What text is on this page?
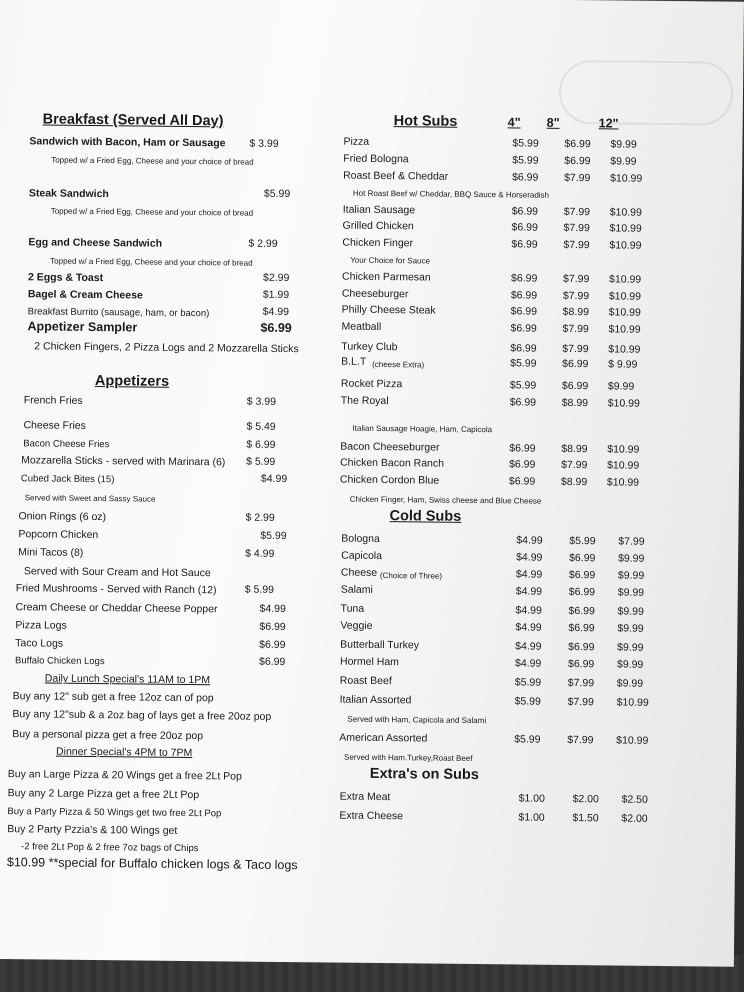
Breakfast (Served All Day)
Sandwich with Bacon, Ham or Sausage $ 3.99
Topped w/ a Fried Egg, Cheese and your choice of bread
Steak Sandwich	$5.99
Topped w/ a Fried Egg, Cheese and your choice of bread
Egg and Cheese Sandwich	$ 2.99
Topped w/ a Fried Egg, Cheese and your choice of bread
2 Eggs & Toast	$2.99
Bagel & Cream Cheese	$1.99
Breakfast Burrito (sausage, ham, or bacon)	$4.99
Appetizer Sampler	$6.99
2 Chicken Fingers, 2 Pizza Logs and 2 Mozzarella Sticks
Appetizers
French Fries	$ 3.99
Cheese Fries	$ 5.49
Bacon Cheese Fries	$ 6.99
Mozzarella Sticks - served with Marinara (6) $ 5.99
Cubed Jack Bites (15)	$4.99
Served with Sweet and Sassy Sauce
Onion Rings (6 oz)	$ 2.99
Popcorn Chicken	$5.99
Mini Tacos (8)	$ 4.99
Served with Sour Cream and Hot Sauce
Fried Mushrooms - Served with Ranch (12)	$ 5.99
Cream Cheese or Cheddar Cheese Popper	$4.99
Pizza Logs	$6.99
Taco Logs	$6.99
Buffalo Chicken Logs	$6.99
Daily Lunch Special's 11AM to 1PM
Buy any 12" sub get a free 12oz can of pop
Buy any 12"sub & a 2oz bag of lays get a free 20oz pop
Buy a personal pizza get a free 20oz pop
Dinner Special's 4PM to 7PM
Buy an Large Pizza & 20 Wings get a free 2Lt Pop
Buy any 2 Large Pizza get a free 2Lt Pop
Buy a Party Pizza & 50 Wings get two free 2Lt Pop
Buy 2 Party Pzzia's & 100 Wings get
-2 free 2Lt Pop & 2 free 7oz bags of Chips
$10.99 **special for Buffalo chicken logs & Taco logs
Hot Subs	4" 8"	12"
Pizza	$5.99 $6.99 $9.99
Fried Bologna	$5.99 $6.99 $9.99
Roast Beef & Cheddar	$6.99 $7.99 $10.99
Italian Sausage	$6.99 $7.99 $10.99
Grilled Chicken	$6.99 $7.99 $10.99
Chicken Finger	$6.99 $7.99 $10.99
Chicken Parmesan	$6.99 $7.99 $10.99
Cheeseburger	$6.99 $7.99 $10.99
Philly Cheese Steak	$6.99 $8.99 $10.99
Meatball	$6.99 $7.99 $10.99
Turkey Club	$6.99 $7.99 $10.99
B.L.T	$5.99 $6.99 $ 9.99
Rocket Pizza	$5.99 $6.99 $9.99
The Royal	$6.99 $8.99 $10.99
Bacon Cheeseburger	$6.99 $8.99 $10.99
Chicken Bacon Ranch	$6.99 $7.99 $10.99
Chicken Cordon Blue	$6.99 $8.99 $10.99
Hot Roast Beef w/ Cheddar, BBQ Sauce & Horseradish
Your Choice for Sauce
(cheese Extra)
Italian Sausage Hoagie, Ham, Capicola
Chicken Finger, Ham, Swiss cheese and Blue Cheese
Cold Subs
Bologna	$4.99	$5.99 $7.99
Capicola	$4.99	$6.99 $9.99
Cheese	$4.99	$6.99 $9.99
Salami	$4.99	$6.99 $9.99
Tuna	$4.99	$6.99 $9.99
Veggie	$4.99	$6.99 $9.99
Butterball Turkey	$4.99	$6.99 $9.99
Hormel Ham	$4.99	$6.99 $9.99
Roast Beef	$5.99	$7.99 $9.99
Italian Assorted	$5.99	$7.99 $10.99
American Assorted	$5.99	$7.99 $10.99
(Choice of Three)
Served with Ham, Capicola and Salami
Served with Ham.Turkey,Roast Beef
Extra's on Subs
Extra Meat	$1.00	$2.00 $2.50
Extra Cheese	$1.00	$1.50 $2.00
